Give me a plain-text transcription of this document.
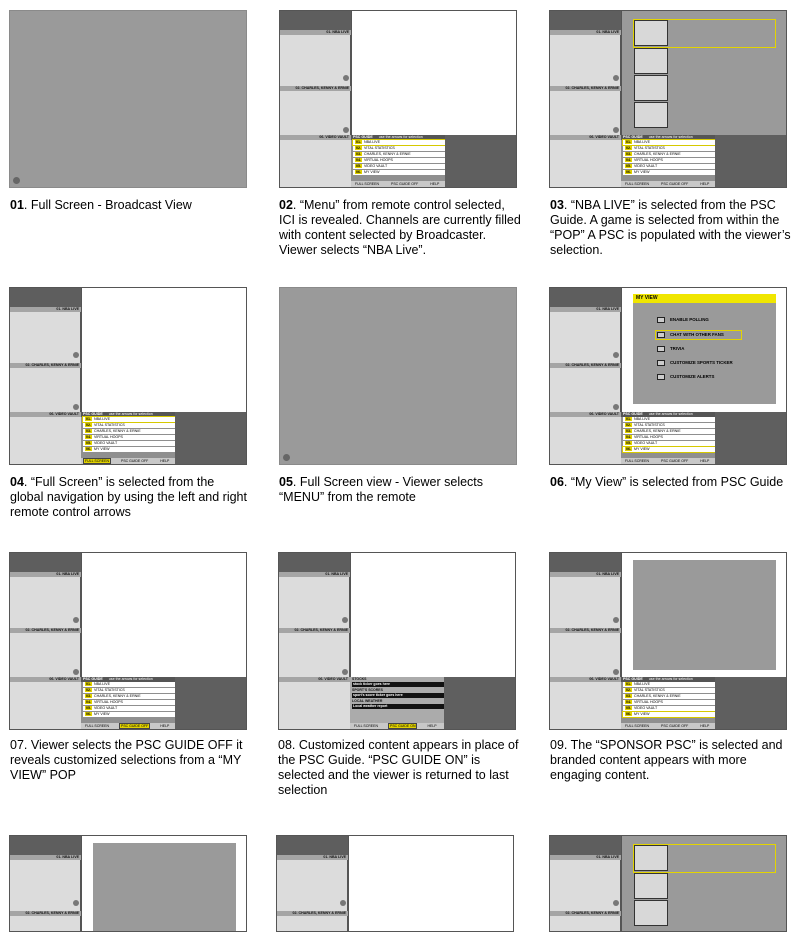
01. NBA LIVE
02. CHARLES, KENNY & ERNIE
06. VIDEO VAULT	PSC GUIDE use the arrows for selection
01. NBA LIVE
02. VITAL STATISTICS
03. CHARLES, KENNY & ERNIE
04. VIRTUAL HOOPS
05. VIDEO VAULT
06. MY VIEW
FULL SCREEN	PSC GUIDE OFF	HELP
01. NBA LIVE
02. CHARLES, KENNY & ERNIE
06. VIDEO VAULT	PSC GUIDE use the arrows for selection
01. NBA LIVE
02. VITAL STATISTICS
03. CHARLES, KENNY & ERNIE
04. VIRTUAL HOOPS
05. VIDEO VAULT
06. MY VIEW
FULL SCREEN	PSC GUIDE OFF	HELP
01. Full Screen - Broadcast View	02. “Menu” from remote control selected, ICI is revealed. Channels are currently filled with content selected by Broadcaster. Viewer selects “NBA Live”.
03. “NBA LIVE” is selected from the PSC Guide. A game is selected from within the “POP” A PSC is populated with the viewer’s selection.
01. NBA LIVE
02. CHARLES, KENNY & ERNIE
06. VIDEO VAULT	PSC GUIDE use the arrows for selection
01. NBA LIVE
02. VITAL STATISTICS
03. CHARLES, KENNY & ERNIE
04. VIRTUAL HOOPS
05. VIDEO VAULT
06. MY VIEW
FULL SCREEN	PSC GUIDE OFF	HELP
01. NBA LIVE
02. CHARLES, KENNY & ERNIE
MY VIEW
ENABLE POLLING
CHAT WITH OTHER FANS
TRIVIA
CUSTOMIZE SPORTS TICKER
CUSTOMIZE ALERTS
06. VIDEO VAULT	PSC GUIDE use the arrows for selection
01. NBA LIVE
02. VITAL STATISTICS
03. CHARLES, KENNY & ERNIE
04. VIRTUAL HOOPS
05. VIDEO VAULT
06. MY VIEW
FULL SCREEN	PSC GUIDE OFF	HELP
04. “Full Screen” is selected from the global navigation by using the left and right remote control arrows
05. Full Screen view - Viewer selects “MENU” from the remote
06. “My View” is selected from PSC Guide
01. NBA LIVE
02. CHARLES, KENNY & ERNIE
06. VIDEO VAULT	PSC GUIDE use the arrows for selection
01. NBA LIVE
02. VITAL STATISTICS
03. CHARLES, KENNY & ERNIE
04. VIRTUAL HOOPS
05. VIDEO VAULT
06. MY VIEW
FULL SCREEN	PSC GUIDE OFF	HELP
01. NBA LIVE
02. CHARLES, KENNY & ERNIE
06. VIDEO VAULT	STOCKS
stock ticker goes here
SPORT'S SCORES
sport's score ticker goes here
LOCAL WEATHER
Local weather report
FULL SCREEN	PSC GUIDE ON	HELP
01. NBA LIVE
02. CHARLES, KENNY & ERNIE
06. VIDEO VAULT	PSC GUIDE use the arrows for selection
01. NBA LIVE
02. VITAL STATISTICS
03. CHARLES, KENNY & ERNIE
04. VIRTUAL HOOPS
05. VIDEO VAULT
06. MY VIEW
FULL SCREEN	PSC GUIDE OFF	HELP
07. Viewer selects the PSC GUIDE OFF it reveals customized selections from a “MY VIEW” POP
08. Customized content appears in place of the PSC Guide. “PSC GUIDE ON” is selected and the viewer is returned to last selection
09. The “SPONSOR PSC” is selected and branded content appears with more engaging content.
01. NBA LIVE
02. CHARLES, KENNY & ERNIE
01. NBA LIVE
02. CHARLES, KENNY & ERNIE
01. NBA LIVE
02. CHARLES, KENNY & ERNIE
